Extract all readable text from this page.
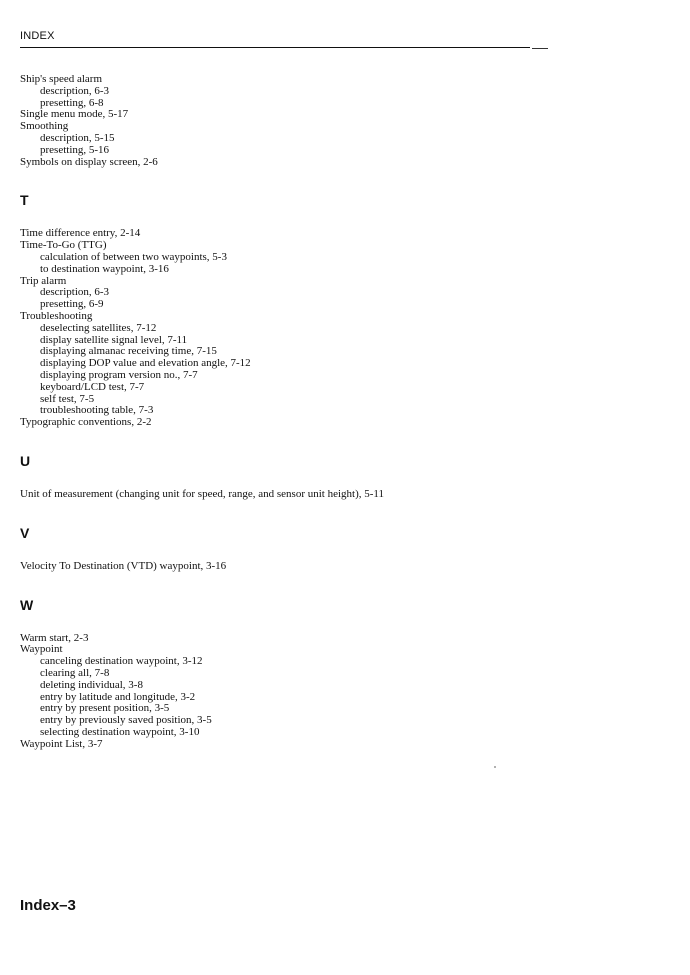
INDEX
Ship's speed alarm
description, 6-3
presetting, 6-8
Single menu mode, 5-17
Smoothing
description, 5-15
presetting, 5-16
Symbols on display screen, 2-6
T
Time difference entry, 2-14
Time-To-Go (TTG)
calculation of between two waypoints, 5-3
to destination waypoint, 3-16
Trip alarm
description, 6-3
presetting, 6-9
Troubleshooting
deselecting satellites, 7-12
display satellite signal level, 7-11
displaying almanac receiving time, 7-15
displaying DOP value and elevation angle, 7-12
displaying program version no., 7-7
keyboard/LCD test, 7-7
self test, 7-5
troubleshooting table, 7-3
Typographic conventions, 2-2
U
Unit of measurement (changing unit for speed, range, and sensor unit height), 5-11
V
Velocity To Destination (VTD) waypoint, 3-16
W
Warm start, 2-3
Waypoint
canceling destination waypoint, 3-12
clearing all, 7-8
deleting individual, 3-8
entry by latitude and longitude, 3-2
entry by present position, 3-5
entry by previously saved position, 3-5
selecting destination waypoint, 3-10
Waypoint List, 3-7
Index–3
